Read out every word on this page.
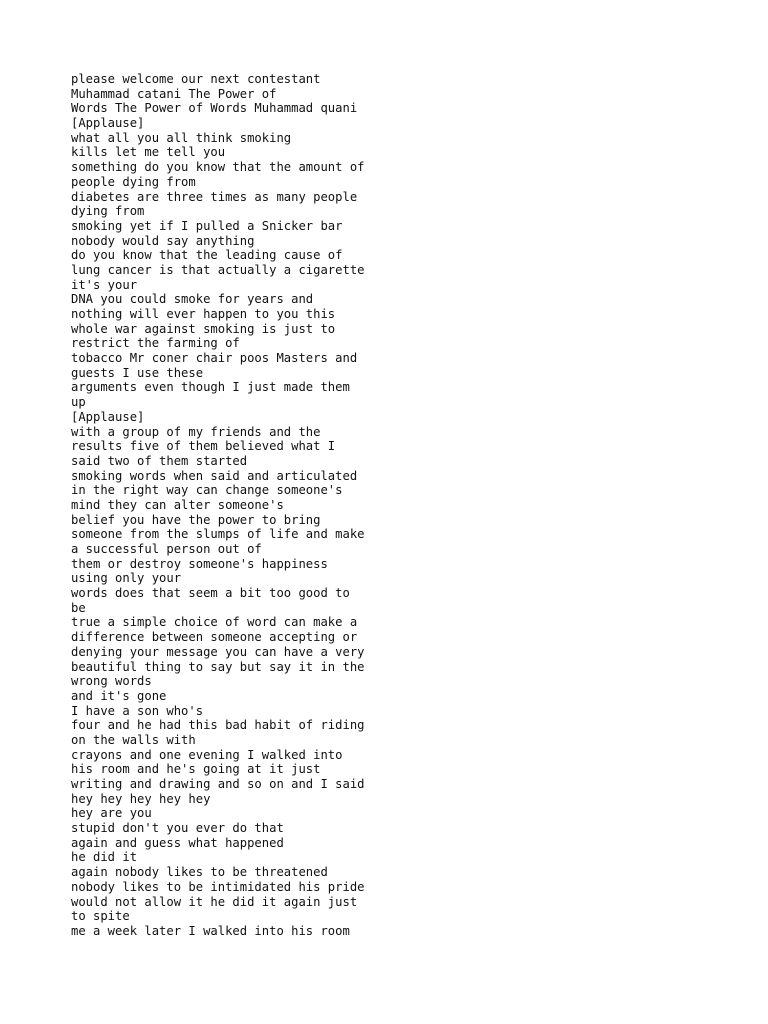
please welcome our next contestant
Muhammad catani The Power of
Words The Power of Words Muhammad quani
[Applause]
what all you all think smoking
kills let me tell you
something do you know that the amount of
people dying from
diabetes are three times as many people
dying from
smoking yet if I pulled a Snicker bar
nobody would say anything
do you know that the leading cause of
lung cancer is that actually a cigarette
it's your
DNA you could smoke for years and
nothing will ever happen to you this
whole war against smoking is just to
restrict the farming of
tobacco Mr coner chair poos Masters and
guests I use these
arguments even though I just made them
up
[Applause]
with a group of my friends and the
results five of them believed what I
said two of them started
smoking words when said and articulated
in the right way can change someone's
mind they can alter someone's
belief you have the power to bring
someone from the slumps of life and make
a successful person out of
them or destroy someone's happiness
using only your
words does that seem a bit too good to
be
true a simple choice of word can make a
difference between someone accepting or
denying your message you can have a very
beautiful thing to say but say it in the
wrong words
and it's gone
I have a son who's
four and he had this bad habit of riding
on the walls with
crayons and one evening I walked into
his room and he's going at it just
writing and drawing and so on and I said
hey hey hey hey hey
hey are you
stupid don't you ever do that
again and guess what happened
he did it
again nobody likes to be threatened
nobody likes to be intimidated his pride
would not allow it he did it again just
to spite
me a week later I walked into his room
